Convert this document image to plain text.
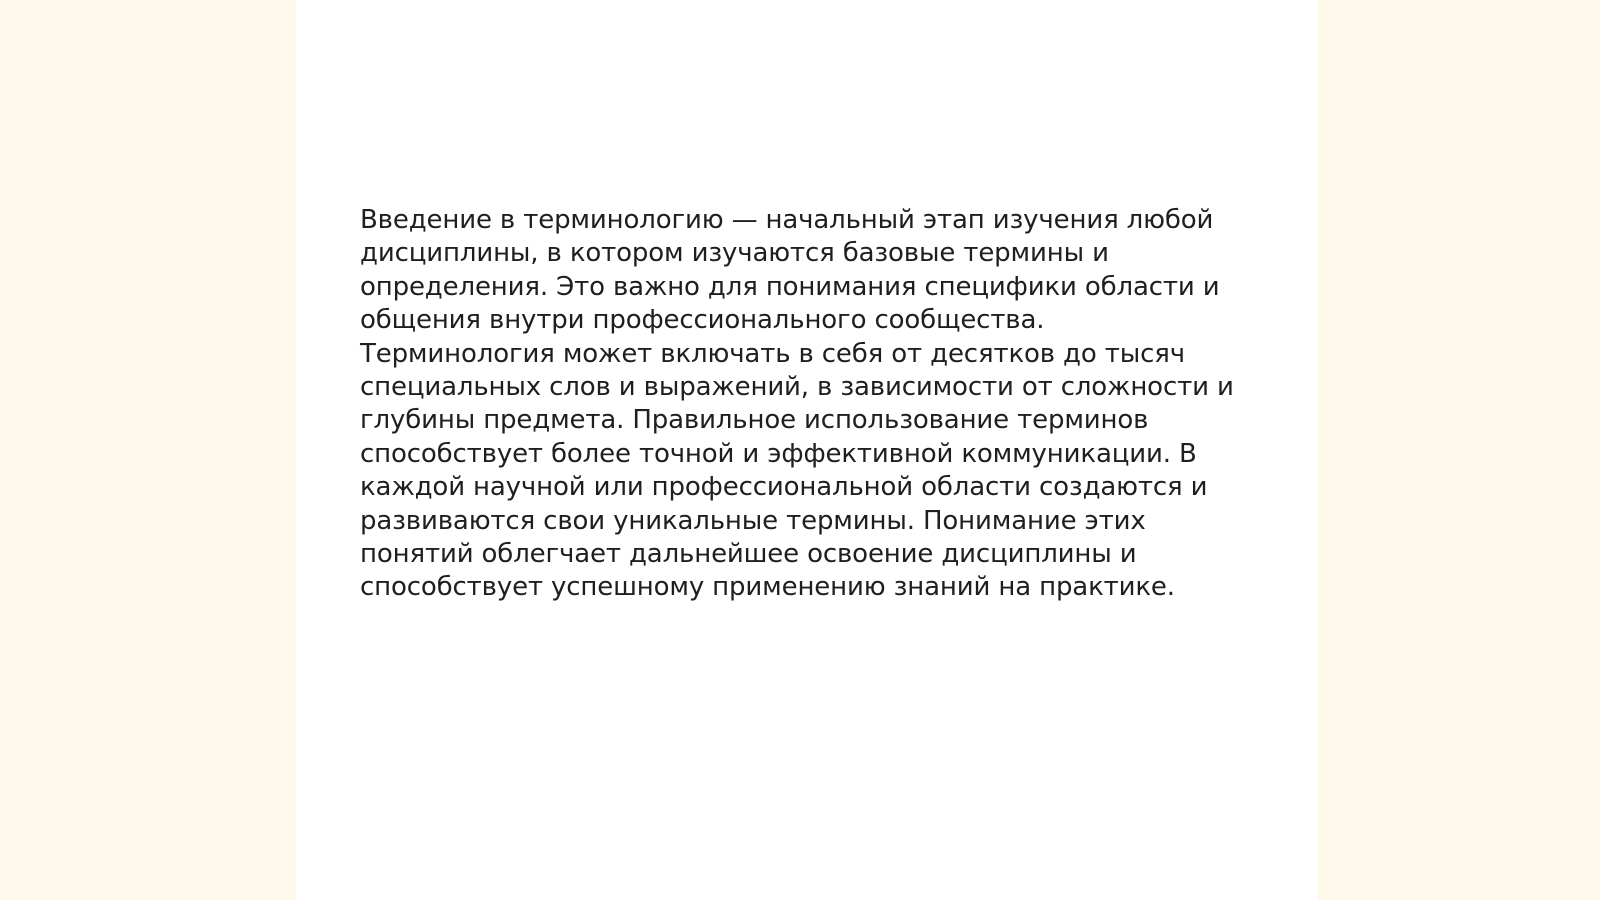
Введение в терминологию — начальный этап изучения любой
дисциплины, в котором изучаются базовые термины и
определения. Это важно для понимания специфики области и
общения внутри профессионального сообщества.
Терминология может включать в себя от десятков до тысяч
специальных слов и выражений, в зависимости от сложности и
глубины предмета. Правильное использование терминов
способствует более точной и эффективной коммуникации. В
каждой научной или профессиональной области создаются и
развиваются свои уникальные термины. Понимание этих
понятий облегчает дальнейшее освоение дисциплины и
способствует успешному применению знаний на практике.
